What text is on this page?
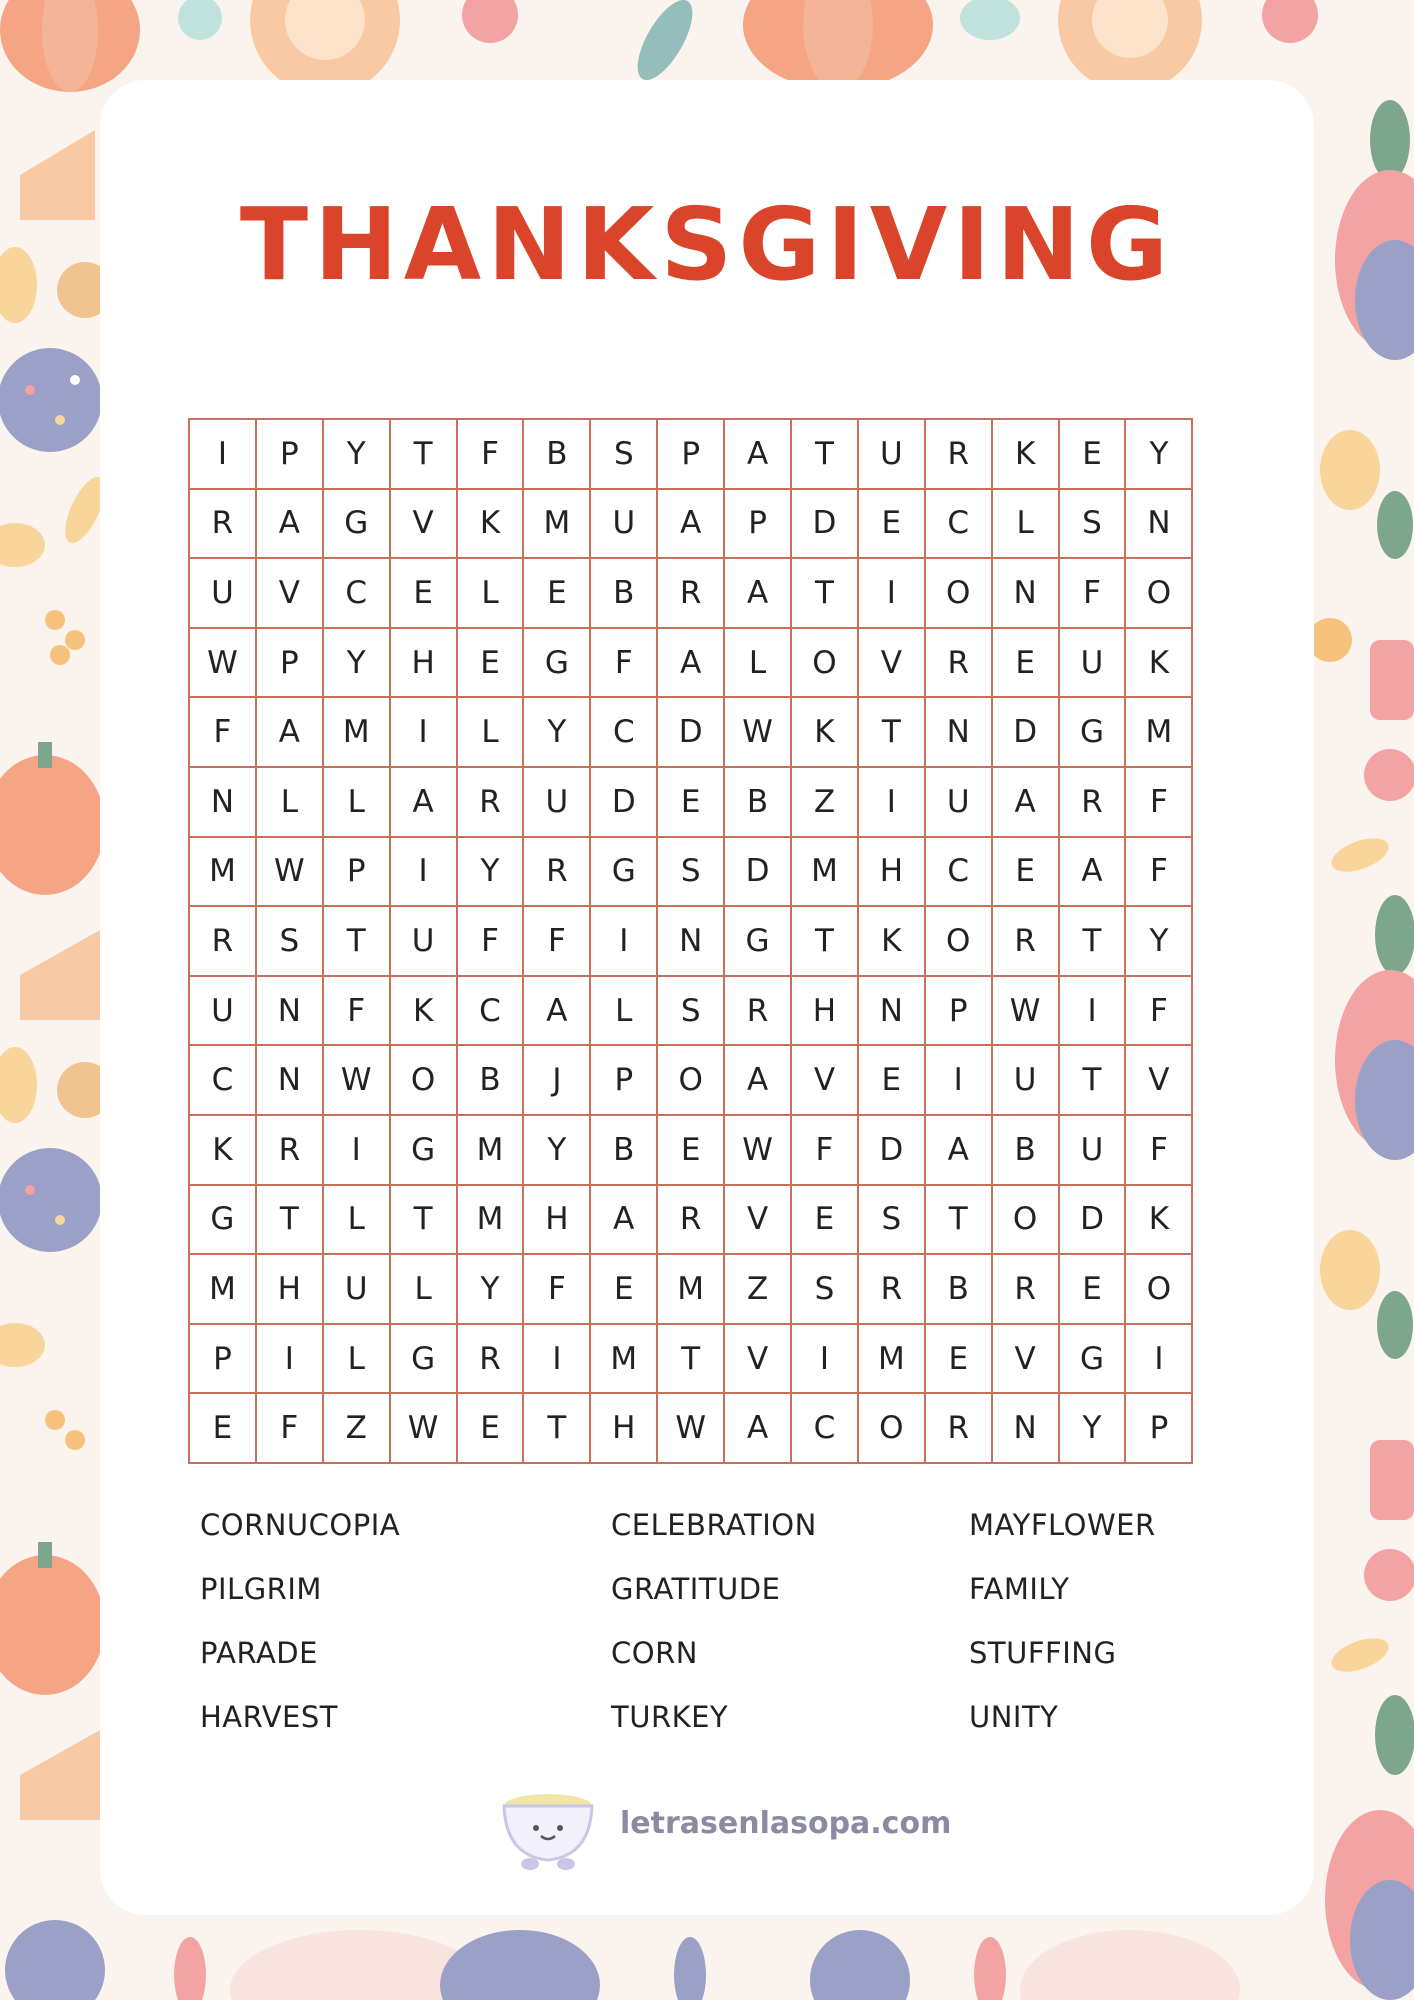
THANKSGIVING
I	P	Y	T	F	B	S	P	A	T	U	R	K	E	Y
R	A	G	V	K	M	U	A	P	D	E	C	L	S	N
U	V	C	E	L	E	B	R	A	T	I	O	N	F	O
W	P	Y	H	E	G	F	A	L	O	V	R	E	U	K
F	A	M	I	L	Y	C	D	W	K	T	N	D	G	M
N	L	L	A	R	U	D	E	B	Z	I	U	A	R	F
M	W	P	I	Y	R	G	S	D	M	H	C	E	A	F
R	S	T	U	F	F	I	N	G	T	K	O	R	T	Y
U	N	F	K	C	A	L	S	R	H	N	P	W	I	F
C	N	W	O	B	J	P	O	A	V	E	I	U	T	V
K	R	I	G	M	Y	B	E	W	F	D	A	B	U	F
G	T	L	T	M	H	A	R	V	E	S	T	O	D	K
M	H	U	L	Y	F	E	M	Z	S	R	B	R	E	O
P	I	L	G	R	I	M	T	V	I	M	E	V	G	I
E	F	Z	W	E	T	H	W	A	C	O	R	N	Y	P
CORNUCOPIA
PILGRIM
PARADE
HARVEST
CELEBRATION
GRATITUDE
CORN
TURKEY
MAYFLOWER
FAMILY
STUFFING
UNITY
letrasenlasopa.com
